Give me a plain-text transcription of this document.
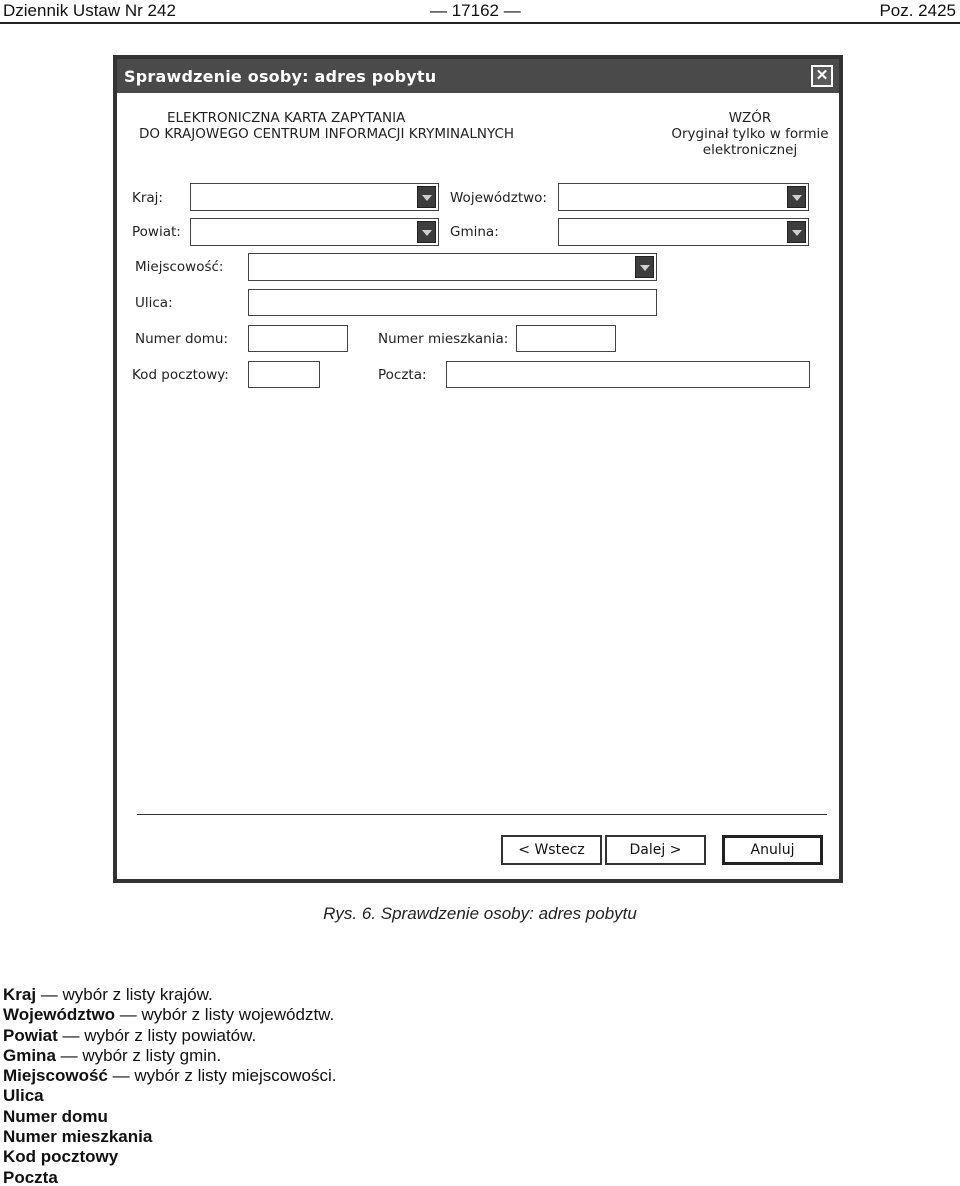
Dziennik Ustaw Nr 242	— 17162 —	Poz. 2425
Sprawdzenie osoby: adres pobytu	✕
ELEKTRONICZNA KARTA ZAPYTANIA
DO KRAJOWEGO CENTRUM INFORMACJI KRYMINALNYCH
WZÓR
Oryginał tylko w formie
elektronicznej
Kraj:	Województwo:
Powiat:	Gmina:
Miejscowość:
Ulica:
Numer domu:	Numer mieszkania:
Kod pocztowy:	Poczta:
< Wstecz	Dalej >	Anuluj
Rys. 6. Sprawdzenie osoby: adres pobytu
Kraj — wybór z listy krajów.
Województwo — wybór z listy województw.
Powiat — wybór z listy powiatów.
Gmina — wybór z listy gmin.
Miejscowość — wybór z listy miejscowości.
Ulica
Numer domu
Numer mieszkania
Kod pocztowy
Poczta
